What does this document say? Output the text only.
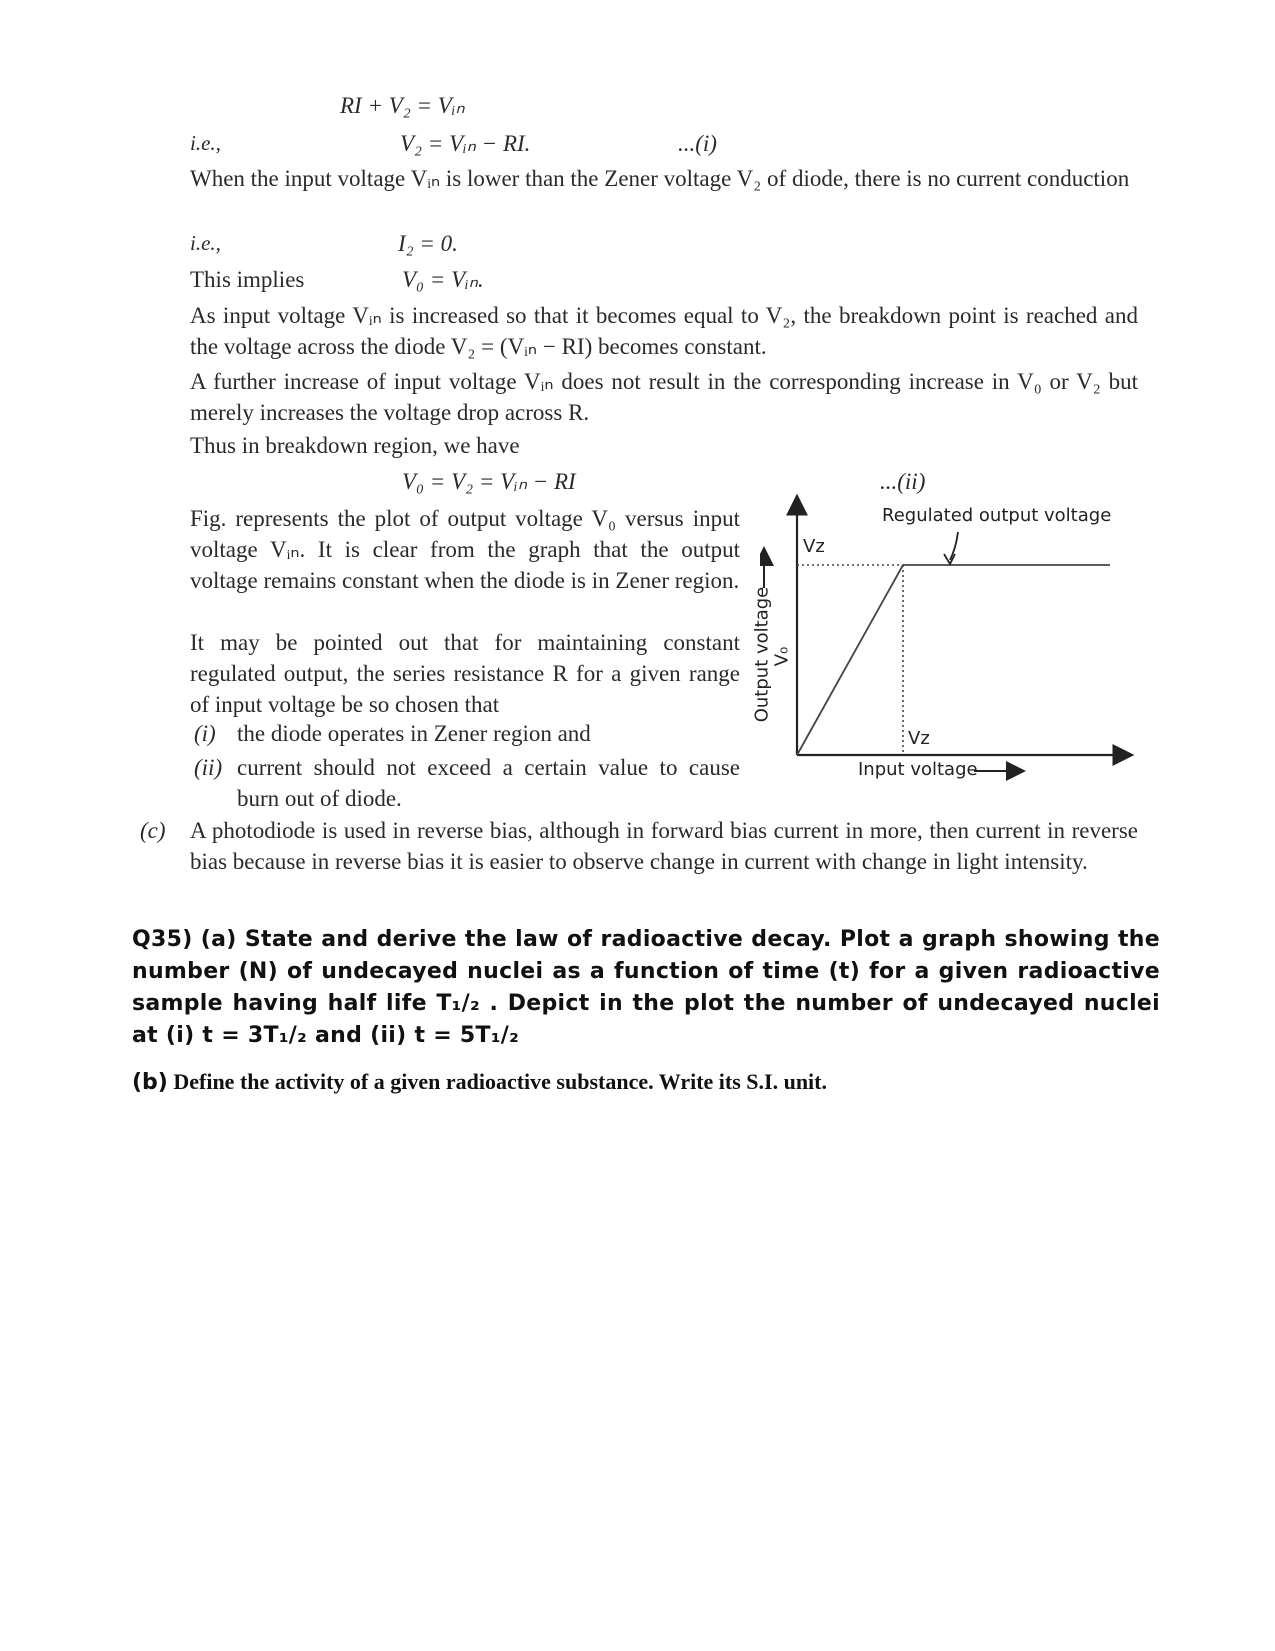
RI + V₂ = Vᵢₙ
i.e.,	V₂ = Vᵢₙ − RI.	...(i)
When the input voltage Vᵢₙ is lower than the Zener voltage V₂ of diode, there is no current conduction
i.e.,	I₂ = 0.
This implies	V₀ = Vᵢₙ.
As input voltage Vᵢₙ is increased so that it becomes equal to V₂, the breakdown point is reached and the voltage across the diode V₂ = (Vᵢₙ − RI) becomes constant.
A further increase of input voltage Vᵢₙ does not result in the corresponding increase in V₀ or V₂ but merely increases the voltage drop across R.
Thus in breakdown region, we have
V₀ = V₂ = Vᵢₙ − RI	...(ii)
Fig. represents the plot of output voltage V₀ versus input voltage Vᵢₙ. It is clear from the graph that the output voltage remains constant when the diode is in Zener region.
It may be pointed out that for maintaining constant regulated output, the series resistance R for a given range of input voltage be so chosen that
(i) the diode operates in Zener region and
(ii) current should not exceed a certain value to cause burn out of diode.
Regulated output voltage
Vz
Vz
Input voltage
Output voltage
V₀
(c) A photodiode is used in reverse bias, although in forward bias current in more, then current in reverse bias because in reverse bias it is easier to observe change in current with change in light intensity.
Q35) (a) State and derive the law of radioactive decay. Plot a graph showing the number (N) of undecayed nuclei as a function of time (t) for a given radioactive sample having half life T₁/₂ . Depict in the plot the number of undecayed nuclei at (i) t = 3T₁/₂ and (ii) t = 5T₁/₂
(b) Define the activity of a given radioactive substance. Write its S.I. unit.
